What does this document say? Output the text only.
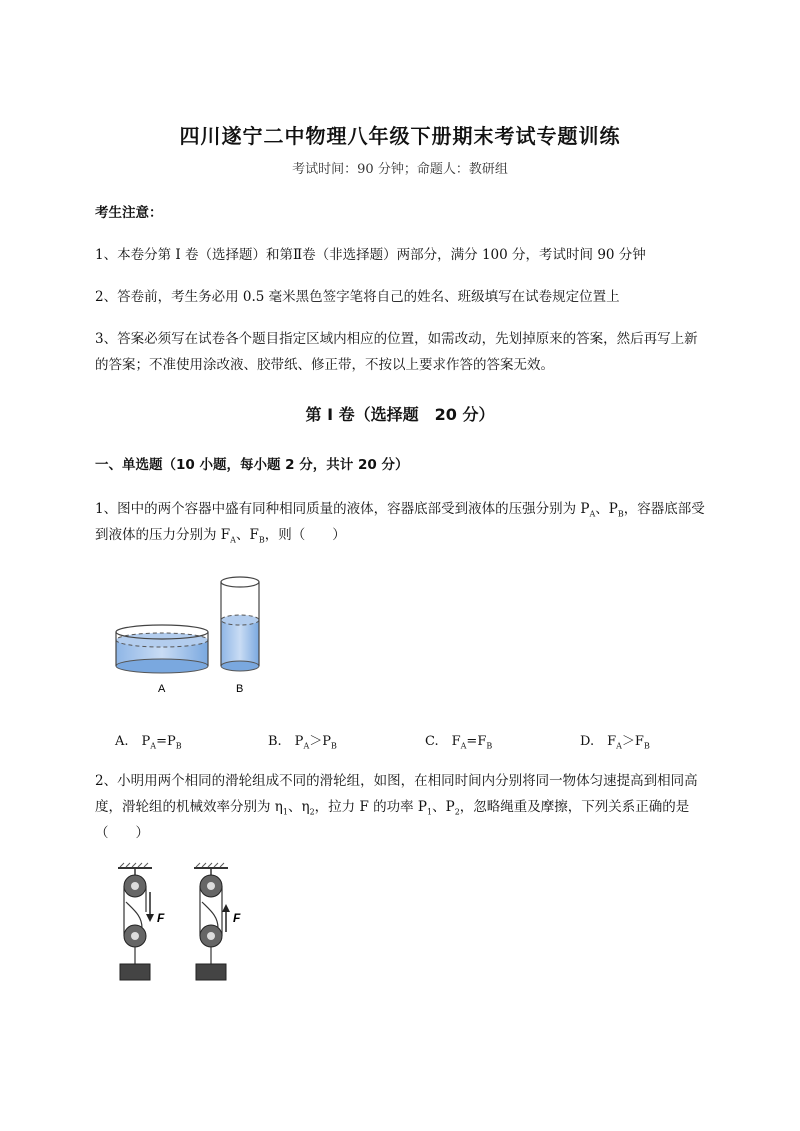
四川遂宁二中物理八年级下册期末考试专题训练
考试时间：90 分钟；命题人：教研组
考生注意：
1、本卷分第 I 卷（选择题）和第Ⅱ卷（非选择题）两部分，满分 100 分，考试时间 90 分钟
2、答卷前，考生务必用 0.5 毫米黑色签字笔将自己的姓名、班级填写在试卷规定位置上
3、答案必须写在试卷各个题目指定区域内相应的位置，如需改动，先划掉原来的答案，然后再写上新
的答案；不准使用涂改液、胶带纸、修正带，不按以上要求作答的答案无效。
第 I 卷（选择题　20 分）
一、单选题（10 小题，每小题 2 分，共计 20 分）
1、图中的两个容器中盛有同种相同质量的液体，容器底部受到液体的压强分别为 $P_A$、$P_B$，容器底部受
到液体的压力分别为 $F_A$、$F_B$，则（　　）
A	B
A.　$P_A=P_B$	B.　$P_A>P_B$	C.　$F_A=F_B$	D.　$F_A>F_B$
2、小明用两个相同的滑轮组成不同的滑轮组，如图，在相同时间内分别将同一物体匀速提高到相同高
度，滑轮组的机械效率分别为 $\eta_1$、$\eta_2$，拉力 F 的功率 $P_1$、$P_2$，忽略绳重及摩擦，下列关系正确的是
（　　）
F	F
